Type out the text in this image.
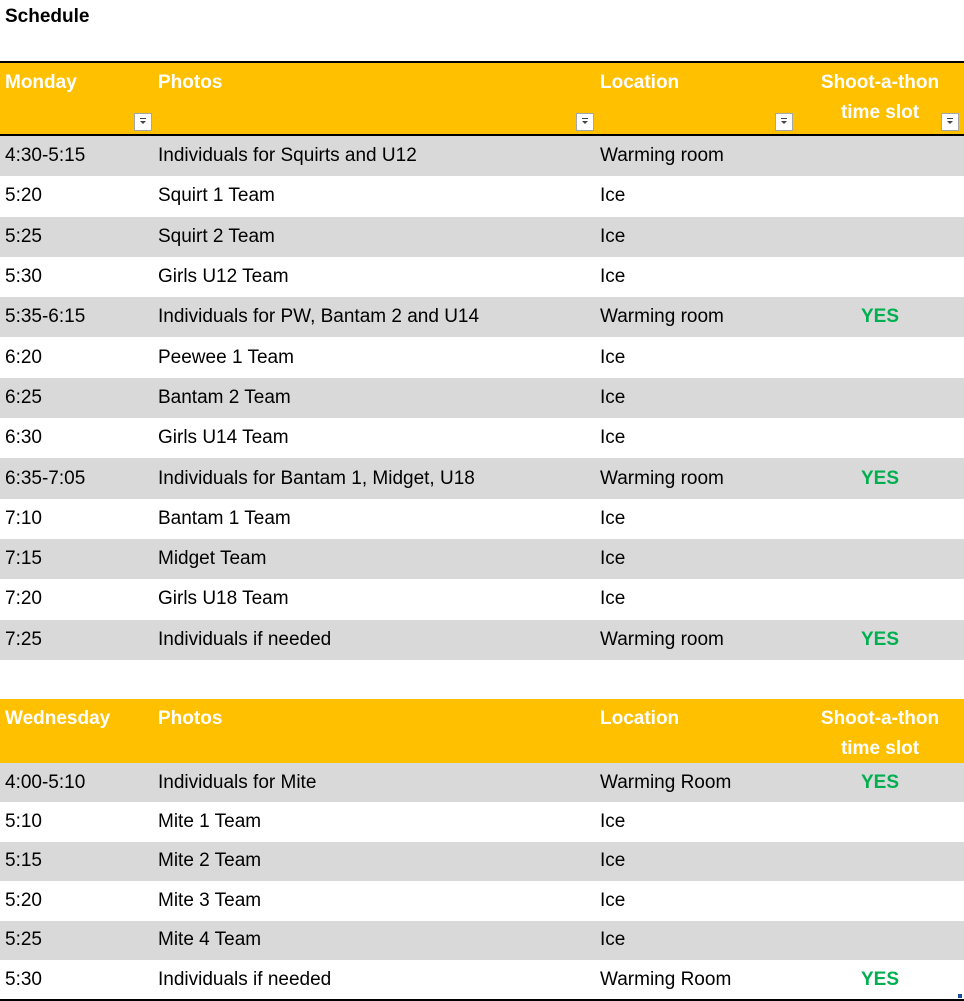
Schedule
Monday	Photos	Location	Shoot-a-thon
time slot
4:30-5:15	Individuals for Squirts and U12	Warming room
5:20	Squirt 1 Team	Ice
5:25	Squirt 2 Team	Ice
5:30	Girls U12 Team	Ice
5:35-6:15	Individuals for PW, Bantam 2 and U14	Warming room	YES
6:20	Peewee 1 Team	Ice
6:25	Bantam 2 Team	Ice
6:30	Girls U14 Team	Ice
6:35-7:05	Individuals for Bantam 1, Midget, U18	Warming room	YES
7:10	Bantam 1 Team	Ice
7:15	Midget Team	Ice
7:20	Girls U18 Team	Ice
7:25	Individuals if needed	Warming room	YES
Wednesday	Photos	Location	Shoot-a-thon
time slot
4:00-5:10	Individuals for Mite	Warming Room	YES
5:10	Mite 1 Team	Ice
5:15	Mite 2 Team	Ice
5:20	Mite 3 Team	Ice
5:25	Mite 4 Team	Ice
5:30	Individuals if needed	Warming Room	YES
